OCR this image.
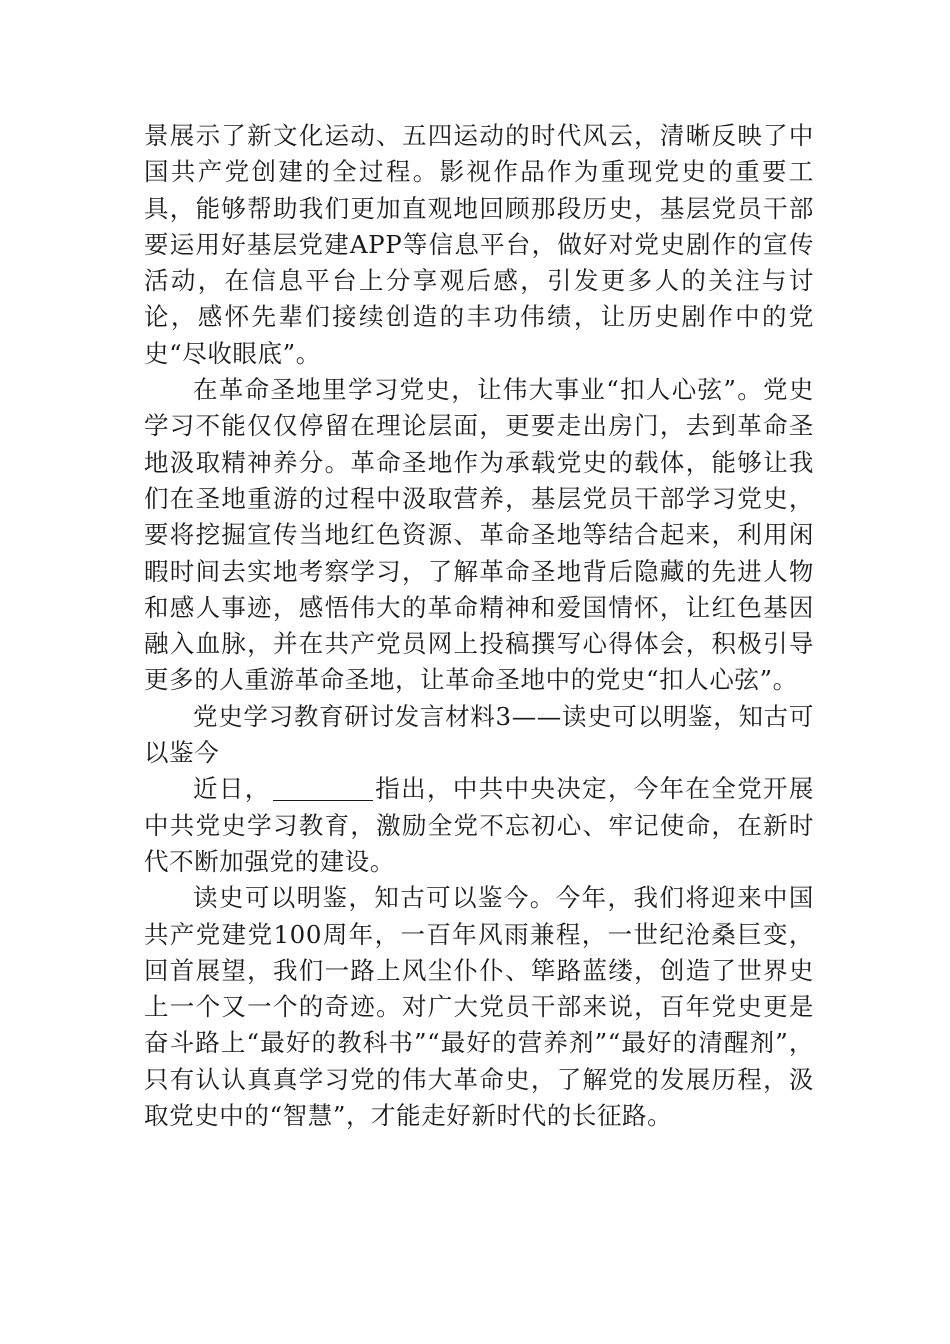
景展示了新文化运动、五四运动的时代风云，清晰反映了中国共产党创建的全过程。影视作品作为重现党史的重要工具，能够帮助我们更加直观地回顾那段历史，基层党员干部要运用好基层党建APP等信息平台，做好对党史剧作的宣传活动，在信息平台上分享观后感，引发更多人的关注与讨论，感怀先辈们接续创造的丰功伟绩，让历史剧作中的党史“尽收眼底”。

在革命圣地里学习党史，让伟大事业“扣人心弦”。党史学习不能仅仅停留在理论层面，更要走出房门，去到革命圣地汲取精神养分。革命圣地作为承载党史的载体，能够让我们在圣地重游的过程中汲取营养，基层党员干部学习党史，要将挖掘宣传当地红色资源、革命圣地等结合起来，利用闲暇时间去实地考察学习，了解革命圣地背后隐藏的先进人物和感人事迹，感悟伟大的革命精神和爱国情怀，让红色基因融入血脉，并在共产党员网上投稿撰写心得体会，积极引导更多的人重游革命圣地，让革命圣地中的党史“扣人心弦”。

党史学习教育研讨发言材料3——读史可以明鉴，知古可以鉴今

近日，	指出，中共中央决定，今年在全党开展中共党史学习教育，激励全党不忘初心、牢记使命，在新时代不断加强党的建设。

读史可以明鉴，知古可以鉴今。今年，我们将迎来中国共产党建党100周年，一百年风雨兼程，一世纪沧桑巨变，回首展望，我们一路上风尘仆仆、筚路蓝缕，创造了世界史上一个又一个的奇迹。对广大党员干部来说，百年党史更是奋斗路上“最好的教科书”“最好的营养剂”“最好的清醒剂”，只有认认真真学习党的伟大革命史，了解党的发展历程，汲取党史中的“智慧”，才能走好新时代的长征路。
